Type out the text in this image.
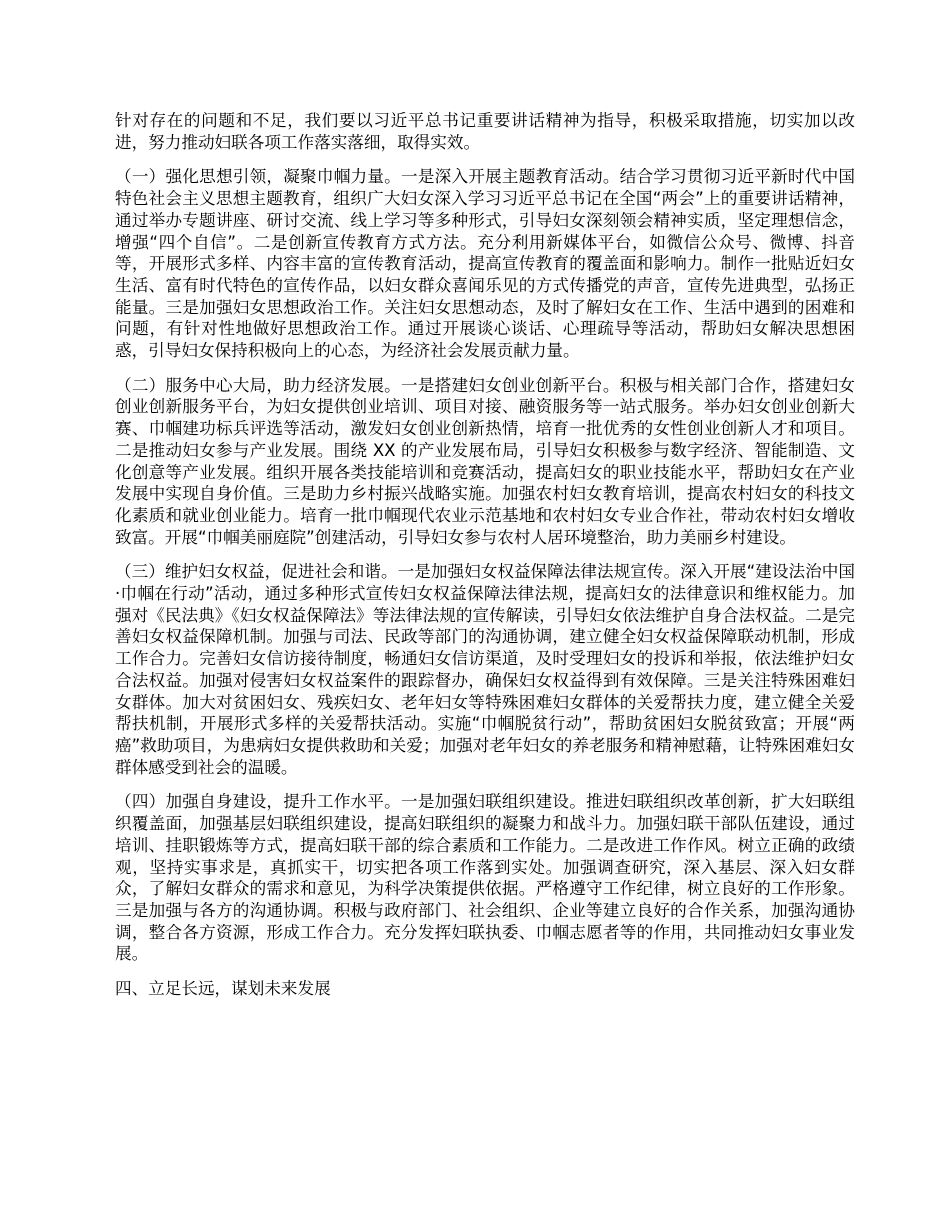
针对存在的问题和不足，我们要以习近平总书记重要讲话精神为指导，积极采取措施，切实加以改进，努力推动妇联各项工作落实落细，取得实效。

（一）强化思想引领，凝聚巾帼力量。一是深入开展主题教育活动。结合学习贯彻习近平新时代中国特色社会主义思想主题教育，组织广大妇女深入学习习近平总书记在全国“两会”上的重要讲话精神，通过举办专题讲座、研讨交流、线上学习等多种形式，引导妇女深刻领会精神实质，坚定理想信念，增强“四个自信”。二是创新宣传教育方式方法。充分利用新媒体平台，如微信公众号、微博、抖音等，开展形式多样、内容丰富的宣传教育活动，提高宣传教育的覆盖面和影响力。制作一批贴近妇女生活、富有时代特色的宣传作品，以妇女群众喜闻乐见的方式传播党的声音，宣传先进典型，弘扬正能量。三是加强妇女思想政治工作。关注妇女思想动态，及时了解妇女在工作、生活中遇到的困难和问题，有针对性地做好思想政治工作。通过开展谈心谈话、心理疏导等活动，帮助妇女解决思想困惑，引导妇女保持积极向上的心态，为经济社会发展贡献力量。

（二）服务中心大局，助力经济发展。一是搭建妇女创业创新平台。积极与相关部门合作，搭建妇女创业创新服务平台，为妇女提供创业培训、项目对接、融资服务等一站式服务。举办妇女创业创新大赛、巾帼建功标兵评选等活动，激发妇女创业创新热情，培育一批优秀的女性创业创新人才和项目。二是推动妇女参与产业发展。围绕 XX 的产业发展布局，引导妇女积极参与数字经济、智能制造、文化创意等产业发展。组织开展各类技能培训和竞赛活动，提高妇女的职业技能水平，帮助妇女在产业发展中实现自身价值。三是助力乡村振兴战略实施。加强农村妇女教育培训，提高农村妇女的科技文化素质和就业创业能力。培育一批巾帼现代农业示范基地和农村妇女专业合作社，带动农村妇女增收致富。开展“巾帼美丽庭院”创建活动，引导妇女参与农村人居环境整治，助力美丽乡村建设。

（三）维护妇女权益，促进社会和谐。一是加强妇女权益保障法律法规宣传。深入开展“建设法治中国·巾帼在行动”活动，通过多种形式宣传妇女权益保障法律法规，提高妇女的法律意识和维权能力。加强对《民法典》《妇女权益保障法》等法律法规的宣传解读，引导妇女依法维护自身合法权益。二是完善妇女权益保障机制。加强与司法、民政等部门的沟通协调，建立健全妇女权益保障联动机制，形成工作合力。完善妇女信访接待制度，畅通妇女信访渠道，及时受理妇女的投诉和举报，依法维护妇女合法权益。加强对侵害妇女权益案件的跟踪督办，确保妇女权益得到有效保障。三是关注特殊困难妇女群体。加大对贫困妇女、残疾妇女、老年妇女等特殊困难妇女群体的关爱帮扶力度，建立健全关爱帮扶机制，开展形式多样的关爱帮扶活动。实施“巾帼脱贫行动”，帮助贫困妇女脱贫致富；开展“两癌”救助项目，为患病妇女提供救助和关爱；加强对老年妇女的养老服务和精神慰藉，让特殊困难妇女群体感受到社会的温暖。

（四）加强自身建设，提升工作水平。一是加强妇联组织建设。推进妇联组织改革创新，扩大妇联组织覆盖面，加强基层妇联组织建设，提高妇联组织的凝聚力和战斗力。加强妇联干部队伍建设，通过培训、挂职锻炼等方式，提高妇联干部的综合素质和工作能力。二是改进工作作风。树立正确的政绩观，坚持实事求是，真抓实干，切实把各项工作落到实处。加强调查研究，深入基层、深入妇女群众，了解妇女群众的需求和意见，为科学决策提供依据。严格遵守工作纪律，树立良好的工作形象。三是加强与各方的沟通协调。积极与政府部门、社会组织、企业等建立良好的合作关系，加强沟通协调，整合各方资源，形成工作合力。充分发挥妇联执委、巾帼志愿者等的作用，共同推动妇女事业发展。

四、立足长远，谋划未来发展
